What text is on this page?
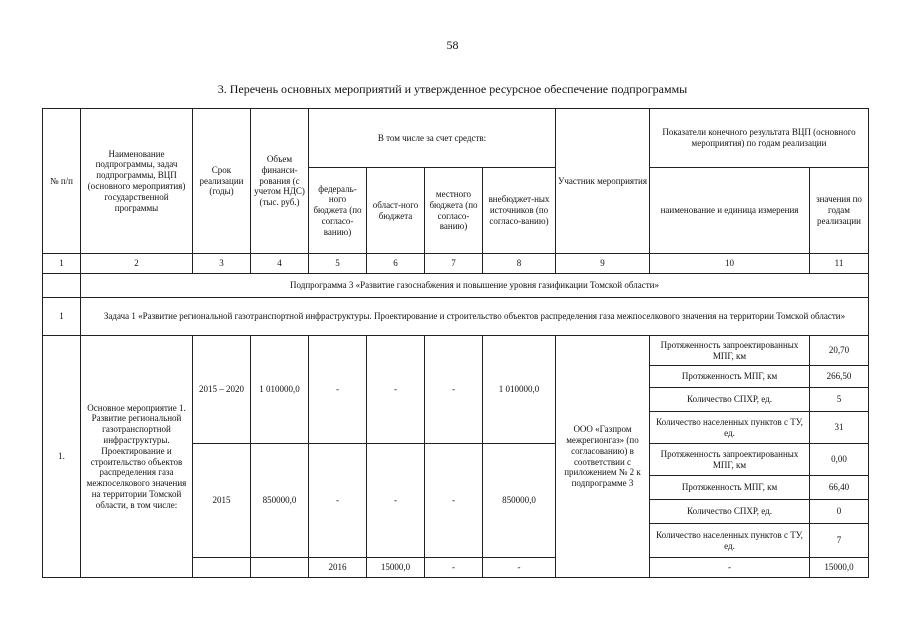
58
3. Перечень основных мероприятий и утвержденное ресурсное обеспечение подпрограммы
№ п/п	Наименование подпрограммы, задач подпрограммы, ВЦП (основного мероприятия) государственной программы	Срок реализации (годы)	Объем финанси-рования (с учетом НДС) (тыс. руб.)	В том числе за счет средств:				Участник мероприятия	Показатели конечного результата ВЦП (основного мероприятия) по годам реализации		
				федераль-ного бюджета (по согласо-ванию)	област-ного бюджета	местного бюджета (по согласо-ванию)	внебюджет-ных источников (по согласо-ванию)		наименование и единица измерения	значения по годам реализации	
1	2	3	4	5	6	7	8	9	10	11	
	Подпрограмма 3 «Развитие газоснабжения и повышение уровня газификации Томской области»										
1	Задача 1 «Развитие региональной газотранспортной инфраструктуры. Проектирование и строительство объектов распределения газа межпоселкового значения на территории Томской области»										
1.	Основное мероприятие 1. Развитие региональной газотранспортной инфраструктуры. Проектирование и строительство объектов распределения газа межпоселкового значения на территории Томской области, в том числе:	2015 – 2020	1 010000,0	-	-	-	1 010000,0	ООО «Газпром межрегионгаз» (по согласованию) в соответствии с приложением № 2 к подпрограмме 3	Протяженность запроектированных МПГ, км	20,70	
									Протяженность МПГ, км	266,50	
									Количество СПХР, ед.	5	
									Количество населенных пунктов с ТУ, ед.	31	
		2015	850000,0	-	-	-	850000,0		Протяженность запроектированных МПГ, км	0,00	
									Протяженность МПГ, км	66,40	
									Количество СПХР, ед.	0	
									Количество населенных пунктов с ТУ, ед.	7	
				2016	15000,0	-	-		-	15000,0			
